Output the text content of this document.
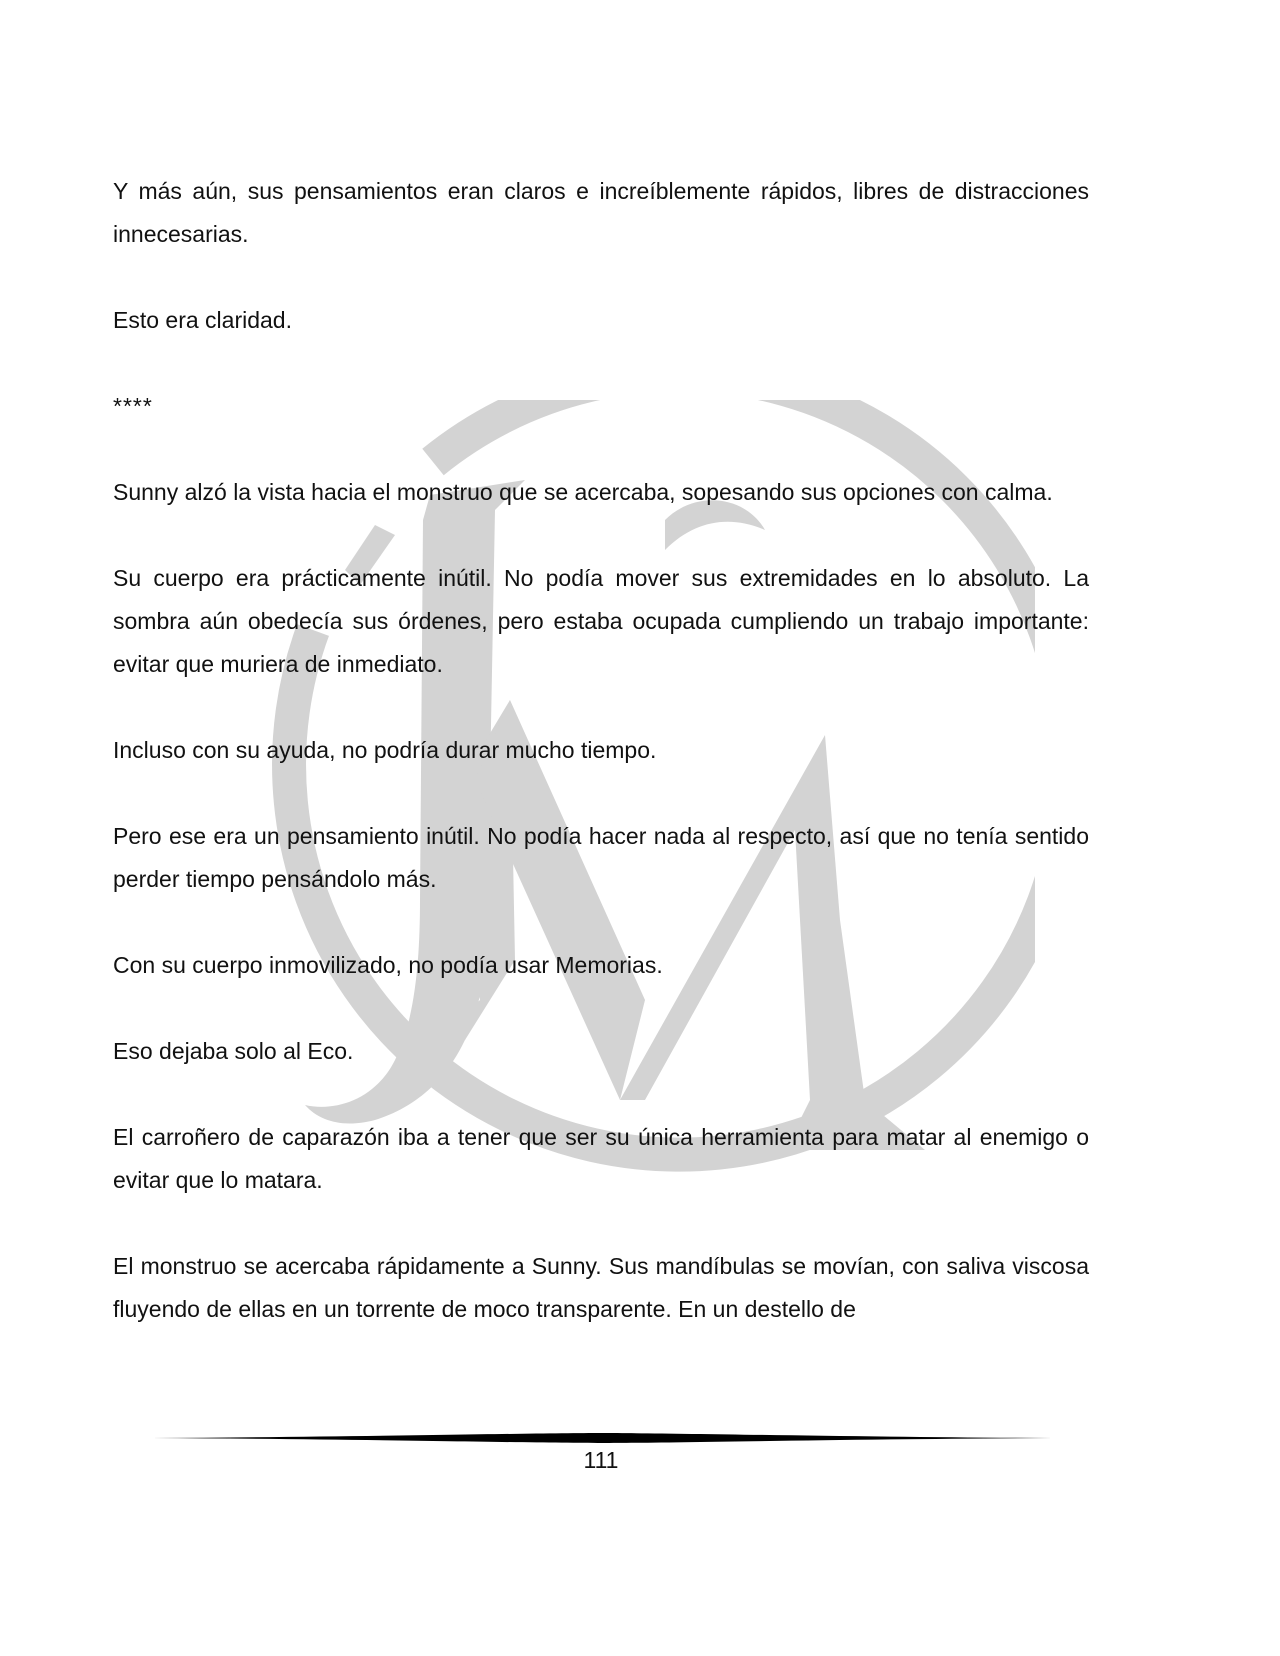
Y más aún, sus pensamientos eran claros e increíblemente rápidos, libres de distracciones innecesarias.

Esto era claridad.

****

Sunny alzó la vista hacia el monstruo que se acercaba, sopesando sus opciones con calma.

Su cuerpo era prácticamente inútil. No podía mover sus extremidades en lo absoluto. La sombra aún obedecía sus órdenes, pero estaba ocupada cumpliendo un trabajo importante: evitar que muriera de inmediato.

Incluso con su ayuda, no podría durar mucho tiempo.

Pero ese era un pensamiento inútil. No podía hacer nada al respecto, así que no tenía sentido perder tiempo pensándolo más.

Con su cuerpo inmovilizado, no podía usar Memorias.

Eso dejaba solo al Eco.

El carroñero de caparazón iba a tener que ser su única herramienta para matar al enemigo o evitar que lo matara.

El monstruo se acercaba rápidamente a Sunny. Sus mandíbulas se movían, con saliva viscosa fluyendo de ellas en un torrente de moco transparente. En un destello de

111
